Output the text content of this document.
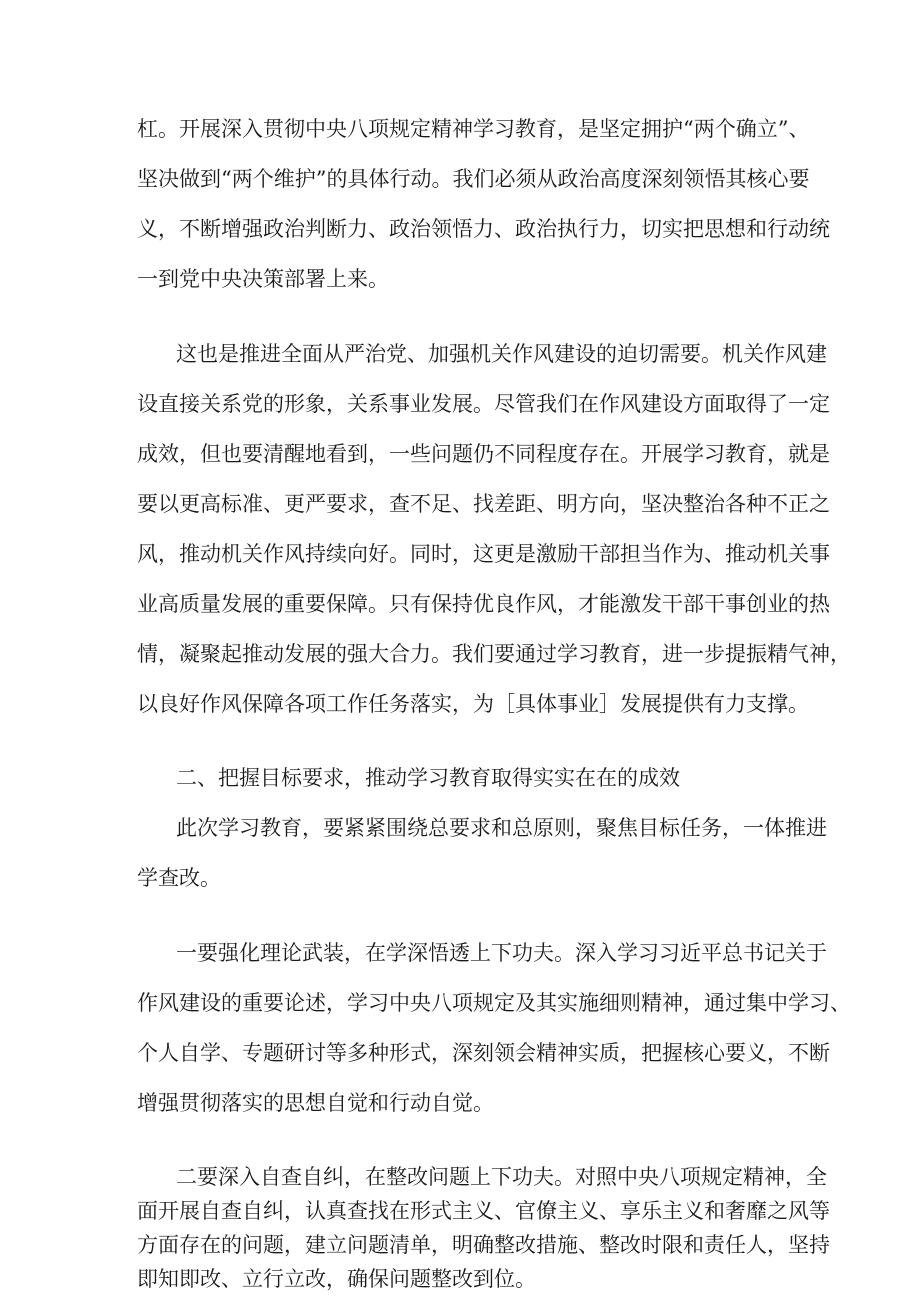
杠。开展深入贯彻中央八项规定精神学习教育，是坚定拥护“两个确立”、
坚决做到“两个维护”的具体行动。我们必须从政治高度深刻领悟其核心要
义，不断增强政治判断力、政治领悟力、政治执行力，切实把思想和行动统
一到党中央决策部署上来。
这也是推进全面从严治党、加强机关作风建设的迫切需要。机关作风建
设直接关系党的形象，关系事业发展。尽管我们在作风建设方面取得了一定
成效，但也要清醒地看到，一些问题仍不同程度存在。开展学习教育，就是
要以更高标准、更严要求，查不足、找差距、明方向，坚决整治各种不正之
风，推动机关作风持续向好。同时，这更是激励干部担当作为、推动机关事
业高质量发展的重要保障。只有保持优良作风，才能激发干部干事创业的热
情，凝聚起推动发展的强大合力。我们要通过学习教育，进一步提振精气神，
以良好作风保障各项工作任务落实，为［具体事业］发展提供有力支撑。
二、把握目标要求，推动学习教育取得实实在在的成效
此次学习教育，要紧紧围绕总要求和总原则，聚焦目标任务，一体推进
学查改。
一要强化理论武装，在学深悟透上下功夫。深入学习习近平总书记关于
作风建设的重要论述，学习中央八项规定及其实施细则精神，通过集中学习、
个人自学、专题研讨等多种形式，深刻领会精神实质，把握核心要义，不断
增强贯彻落实的思想自觉和行动自觉。
二要深入自查自纠，在整改问题上下功夫。对照中央八项规定精神，全
面开展自查自纠，认真查找在形式主义、官僚主义、享乐主义和奢靡之风等
方面存在的问题，建立问题清单，明确整改措施、整改时限和责任人，坚持
即知即改、立行立改，确保问题整改到位。
